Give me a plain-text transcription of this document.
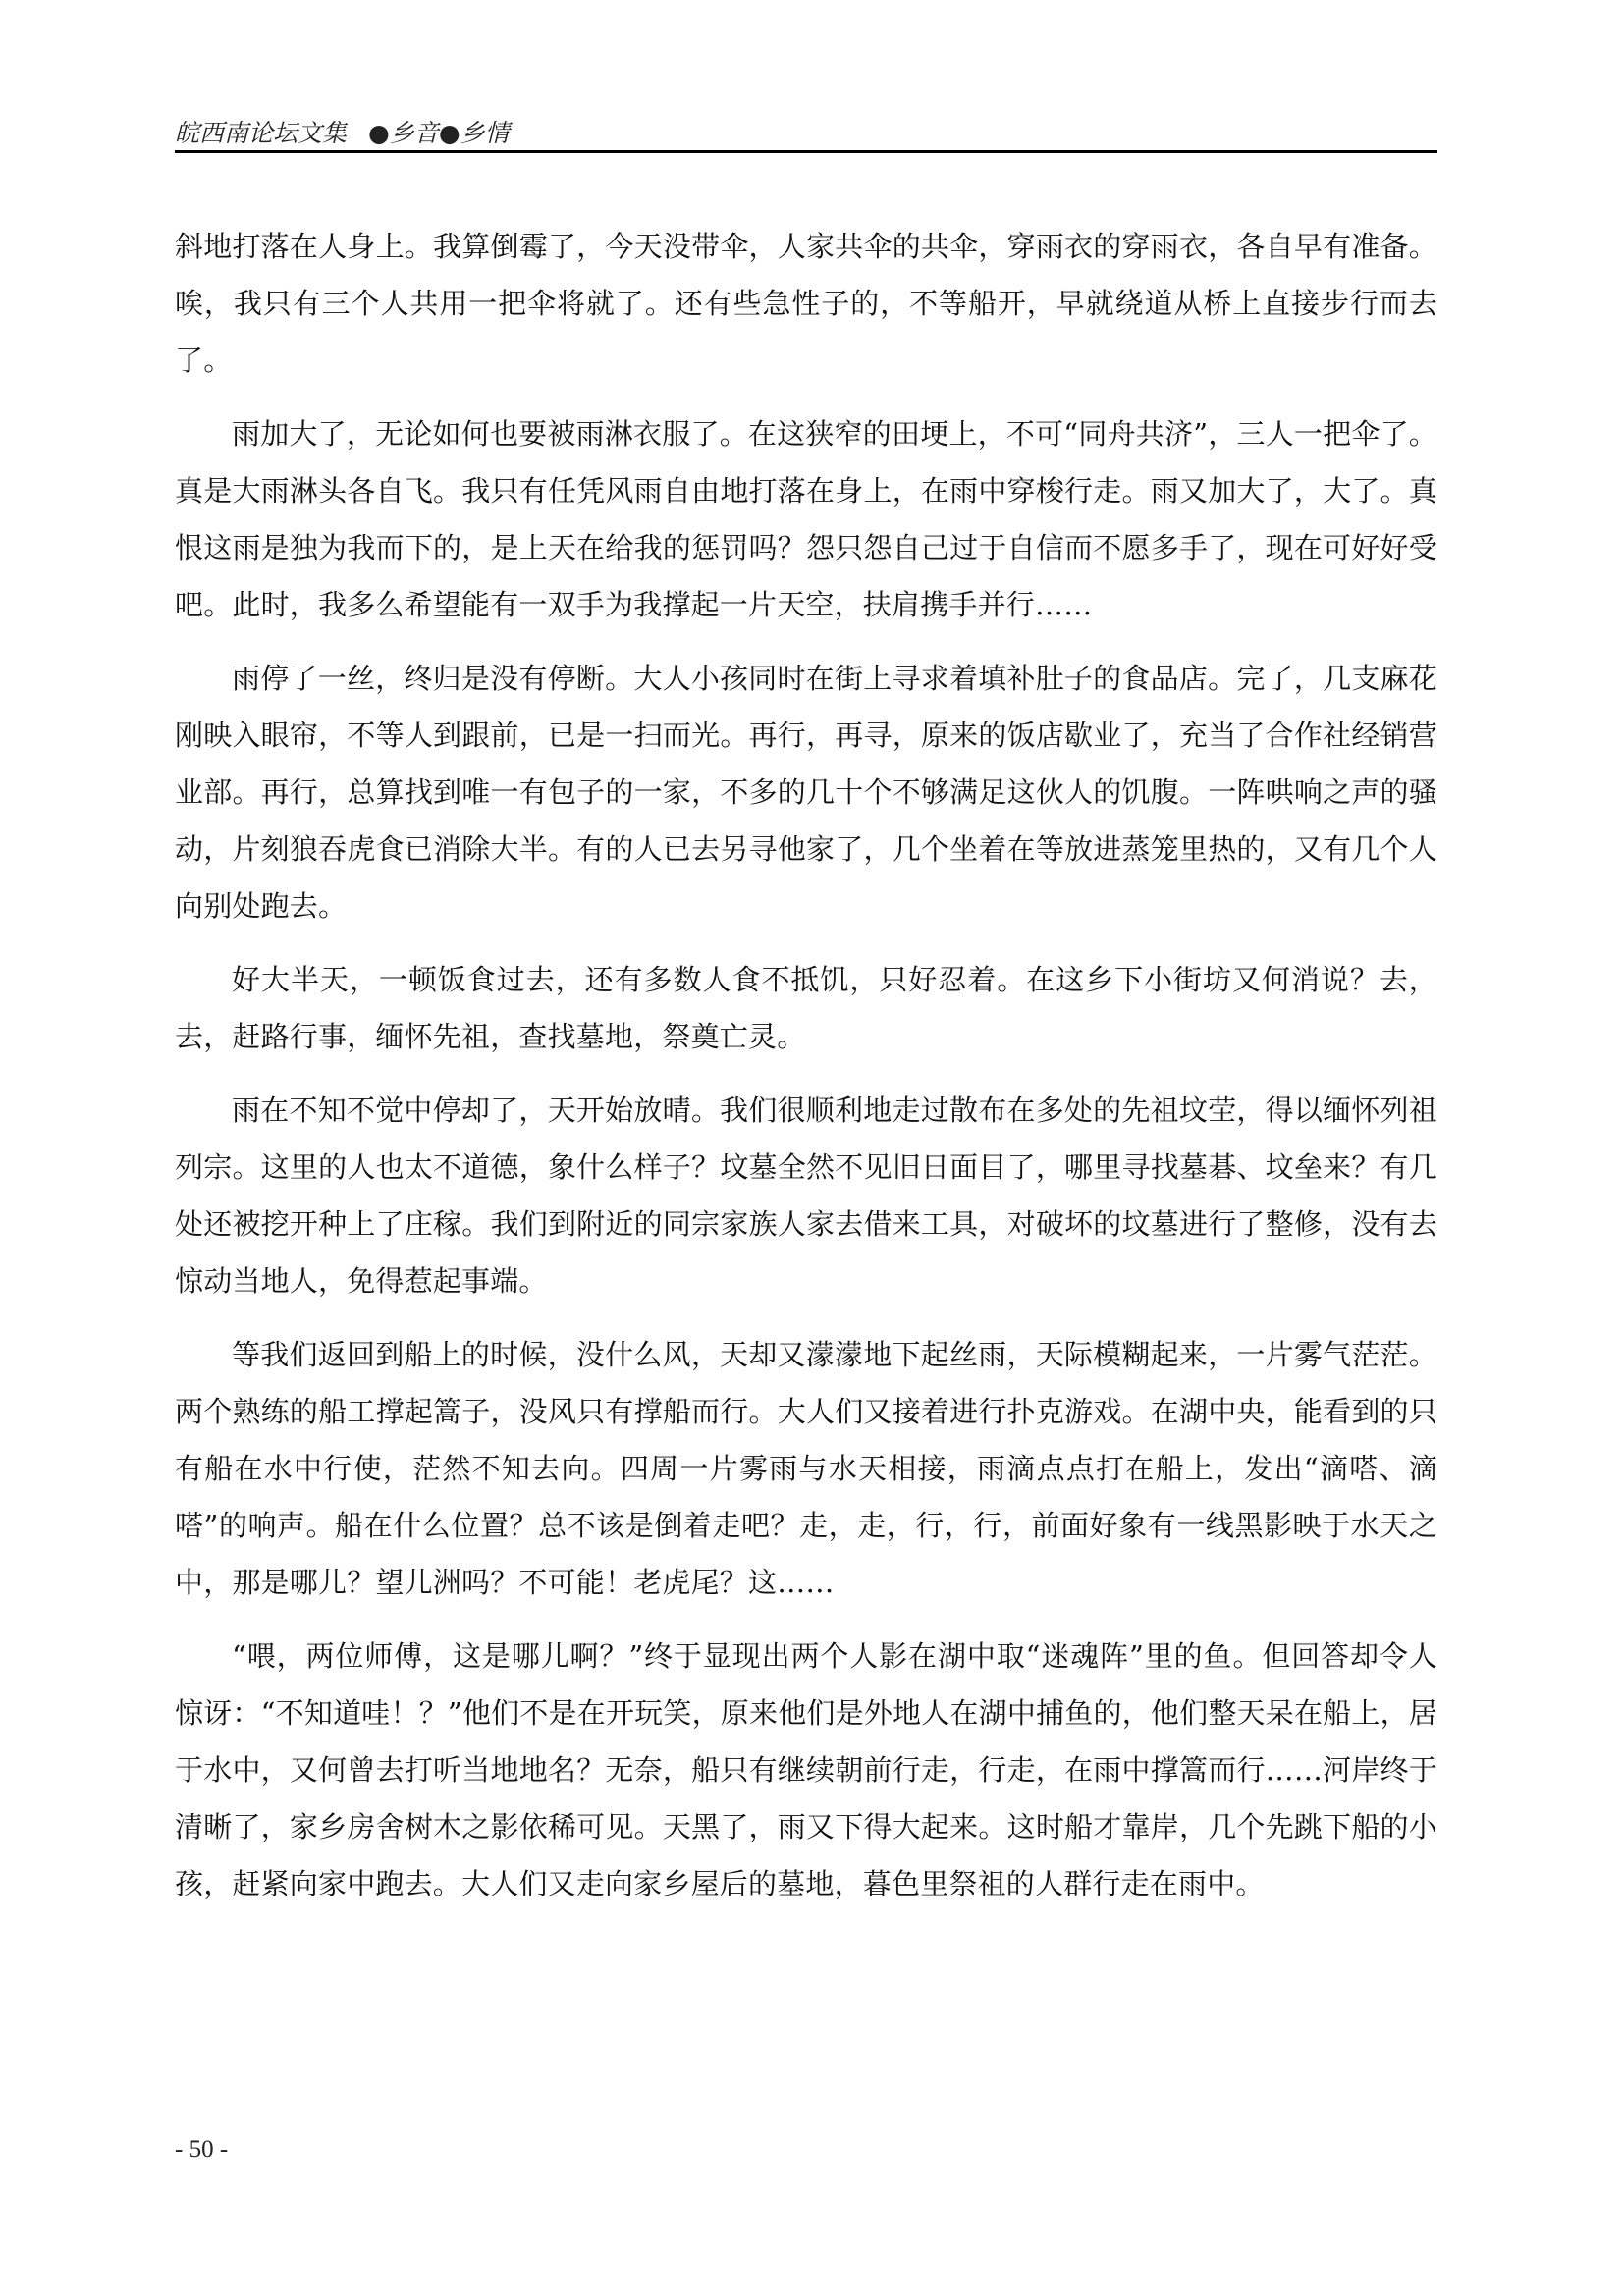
皖西南论坛文集 ●乡音 ●乡情

斜地打落在人身上。我算倒霉了，今天没带伞，人家共伞的共伞，穿雨衣的穿雨衣，各自早有准备。唉，我只有三个人共用一把伞将就了。还有些急性子的，不等船开，早就绕道从桥上直接步行而去了。

雨加大了，无论如何也要被雨淋衣服了。在这狭窄的田埂上，不可“同舟共济”，三人一把伞了。真是大雨淋头各自飞。我只有任凭风雨自由地打落在身上，在雨中穿梭行走。雨又加大了，大了。真恨这雨是独为我而下的，是上天在给我的惩罚吗？怨只怨自己过于自信而不愿多手了，现在可好好受吧。此时，我多么希望能有一双手为我撑起一片天空，扶肩携手并行……

雨停了一丝，终归是没有停断。大人小孩同时在街上寻求着填补肚子的食品店。完了，几支麻花刚映入眼帘，不等人到跟前，已是一扫而光。再行，再寻，原来的饭店歇业了，充当了合作社经销营业部。再行，总算找到唯一有包子的一家，不多的几十个不够满足这伙人的饥腹。一阵哄响之声的骚动，片刻狼吞虎食已消除大半。有的人已去另寻他家了，几个坐着在等放进蒸笼里热的，又有几个人向别处跑去。

好大半天，一顿饭食过去，还有多数人食不抵饥，只好忍着。在这乡下小街坊又何消说？去，去，赶路行事，缅怀先祖，查找墓地，祭奠亡灵。

雨在不知不觉中停却了，天开始放晴。我们很顺利地走过散布在多处的先祖坟茔，得以缅怀列祖列宗。这里的人也太不道德，象什么样子？坟墓全然不见旧日面目了，哪里寻找墓碁、坟垒来？有几处还被挖开种上了庄稼。我们到附近的同宗家族人家去借来工具，对破坏的坟墓进行了整修，没有去惊动当地人，免得惹起事端。

等我们返回到船上的时候，没什么风，天却又濛濛地下起丝雨，天际模糊起来，一片雾气茫茫。两个熟练的船工撑起篙子，没风只有撑船而行。大人们又接着进行扑克游戏。在湖中央，能看到的只有船在水中行使，茫然不知去向。四周一片雾雨与水天相接，雨滴点点打在船上，发出“滴嗒、滴嗒”的响声。船在什么位置？总不该是倒着走吧？走，走，行，行，前面好象有一线黑影映于水天之中，那是哪儿？望儿洲吗？不可能！老虎尾？这……

“喂，两位师傅，这是哪儿啊？”终于显现出两个人影在湖中取“迷魂阵”里的鱼。但回答却令人惊讶：“不知道哇！？”他们不是在开玩笑，原来他们是外地人在湖中捕鱼的，他们整天呆在船上，居于水中，又何曾去打听当地地名？无奈，船只有继续朝前行走，行走，在雨中撑篙而行……河岸终于清晰了，家乡房舍树木之影依稀可见。天黑了，雨又下得大起来。这时船才靠岸，几个先跳下船的小孩，赶紧向家中跑去。大人们又走向家乡屋后的墓地，暮色里祭祖的人群行走在雨中。

- 50 -
